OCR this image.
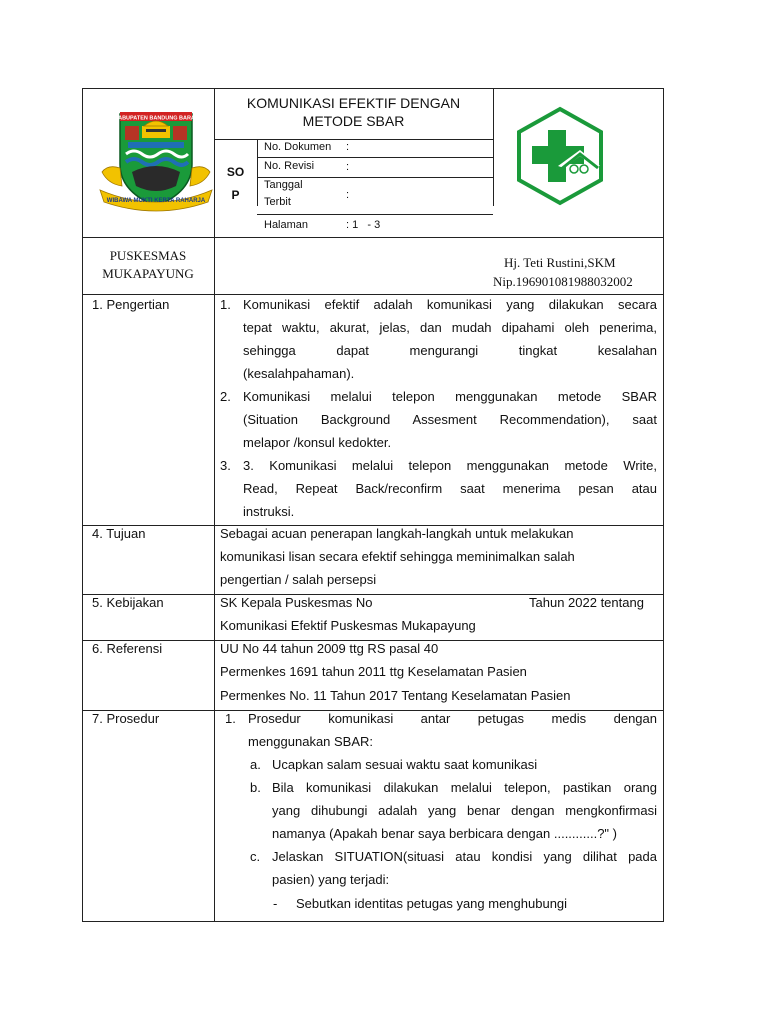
KABUPATEN BANDUNG BARAT
WIBAWA MUKTI KERTA RAHARJA
KOMUNIKASI EFEKTIF DENGAN
METODE SBAR
SO
P
No. Dokumen :
No. Revisi	:
Tanggal
Terbit
:
Halaman	: 1   - 3
PUSKESMAS
MUKAPAYUNG
Hj. Teti Rustini,SKM
Nip.196901081988032002
1. Pengertian	1. Komunikasi efektif adalah komunikasi yang dilakukan secara
tepat waktu, akurat, jelas, dan mudah dipahami oleh penerima,
sehingga dapat mengurangi tingkat kesalahan
(kesalahpahaman).
2. Komunikasi melalui telepon menggunakan metode SBAR
(Situation Background Assesment Recommendation), saat
melapor /konsul kedokter.
3. 3. Komunikasi melalui telepon menggunakan metode Write,
Read, Repeat Back/reconfirm saat menerima pesan atau
instruksi.
4. Tujuan	Sebagai acuan penerapan langkah-langkah untuk melakukan
komunikasi lisan secara efektif sehingga meminimalkan salah
pengertian / salah persepsi
5. Kebijakan	SK Kepala Puskesmas No	Tahun 2022 tentang
Komunikasi Efektif Puskesmas Mukapayung
6. Referensi	UU No 44 tahun 2009 ttg RS pasal 40
Permenkes 1691 tahun 2011 ttg Keselamatan Pasien
Permenkes No. 11 Tahun 2017 Tentang Keselamatan Pasien
7. Prosedur	1. Prosedur komunikasi antar petugas medis dengan
menggunakan SBAR:
a. Ucapkan salam sesuai waktu saat komunikasi
b. Bila komunikasi dilakukan melalui telepon, pastikan orang
yang dihubungi adalah yang benar dengan mengkonfirmasi
namanya (Apakah benar saya berbicara dengan ............?" )
c. Jelaskan SITUATION(situasi atau kondisi yang dilihat pada
pasien) yang terjadi:
- Sebutkan identitas petugas yang menghubungi
